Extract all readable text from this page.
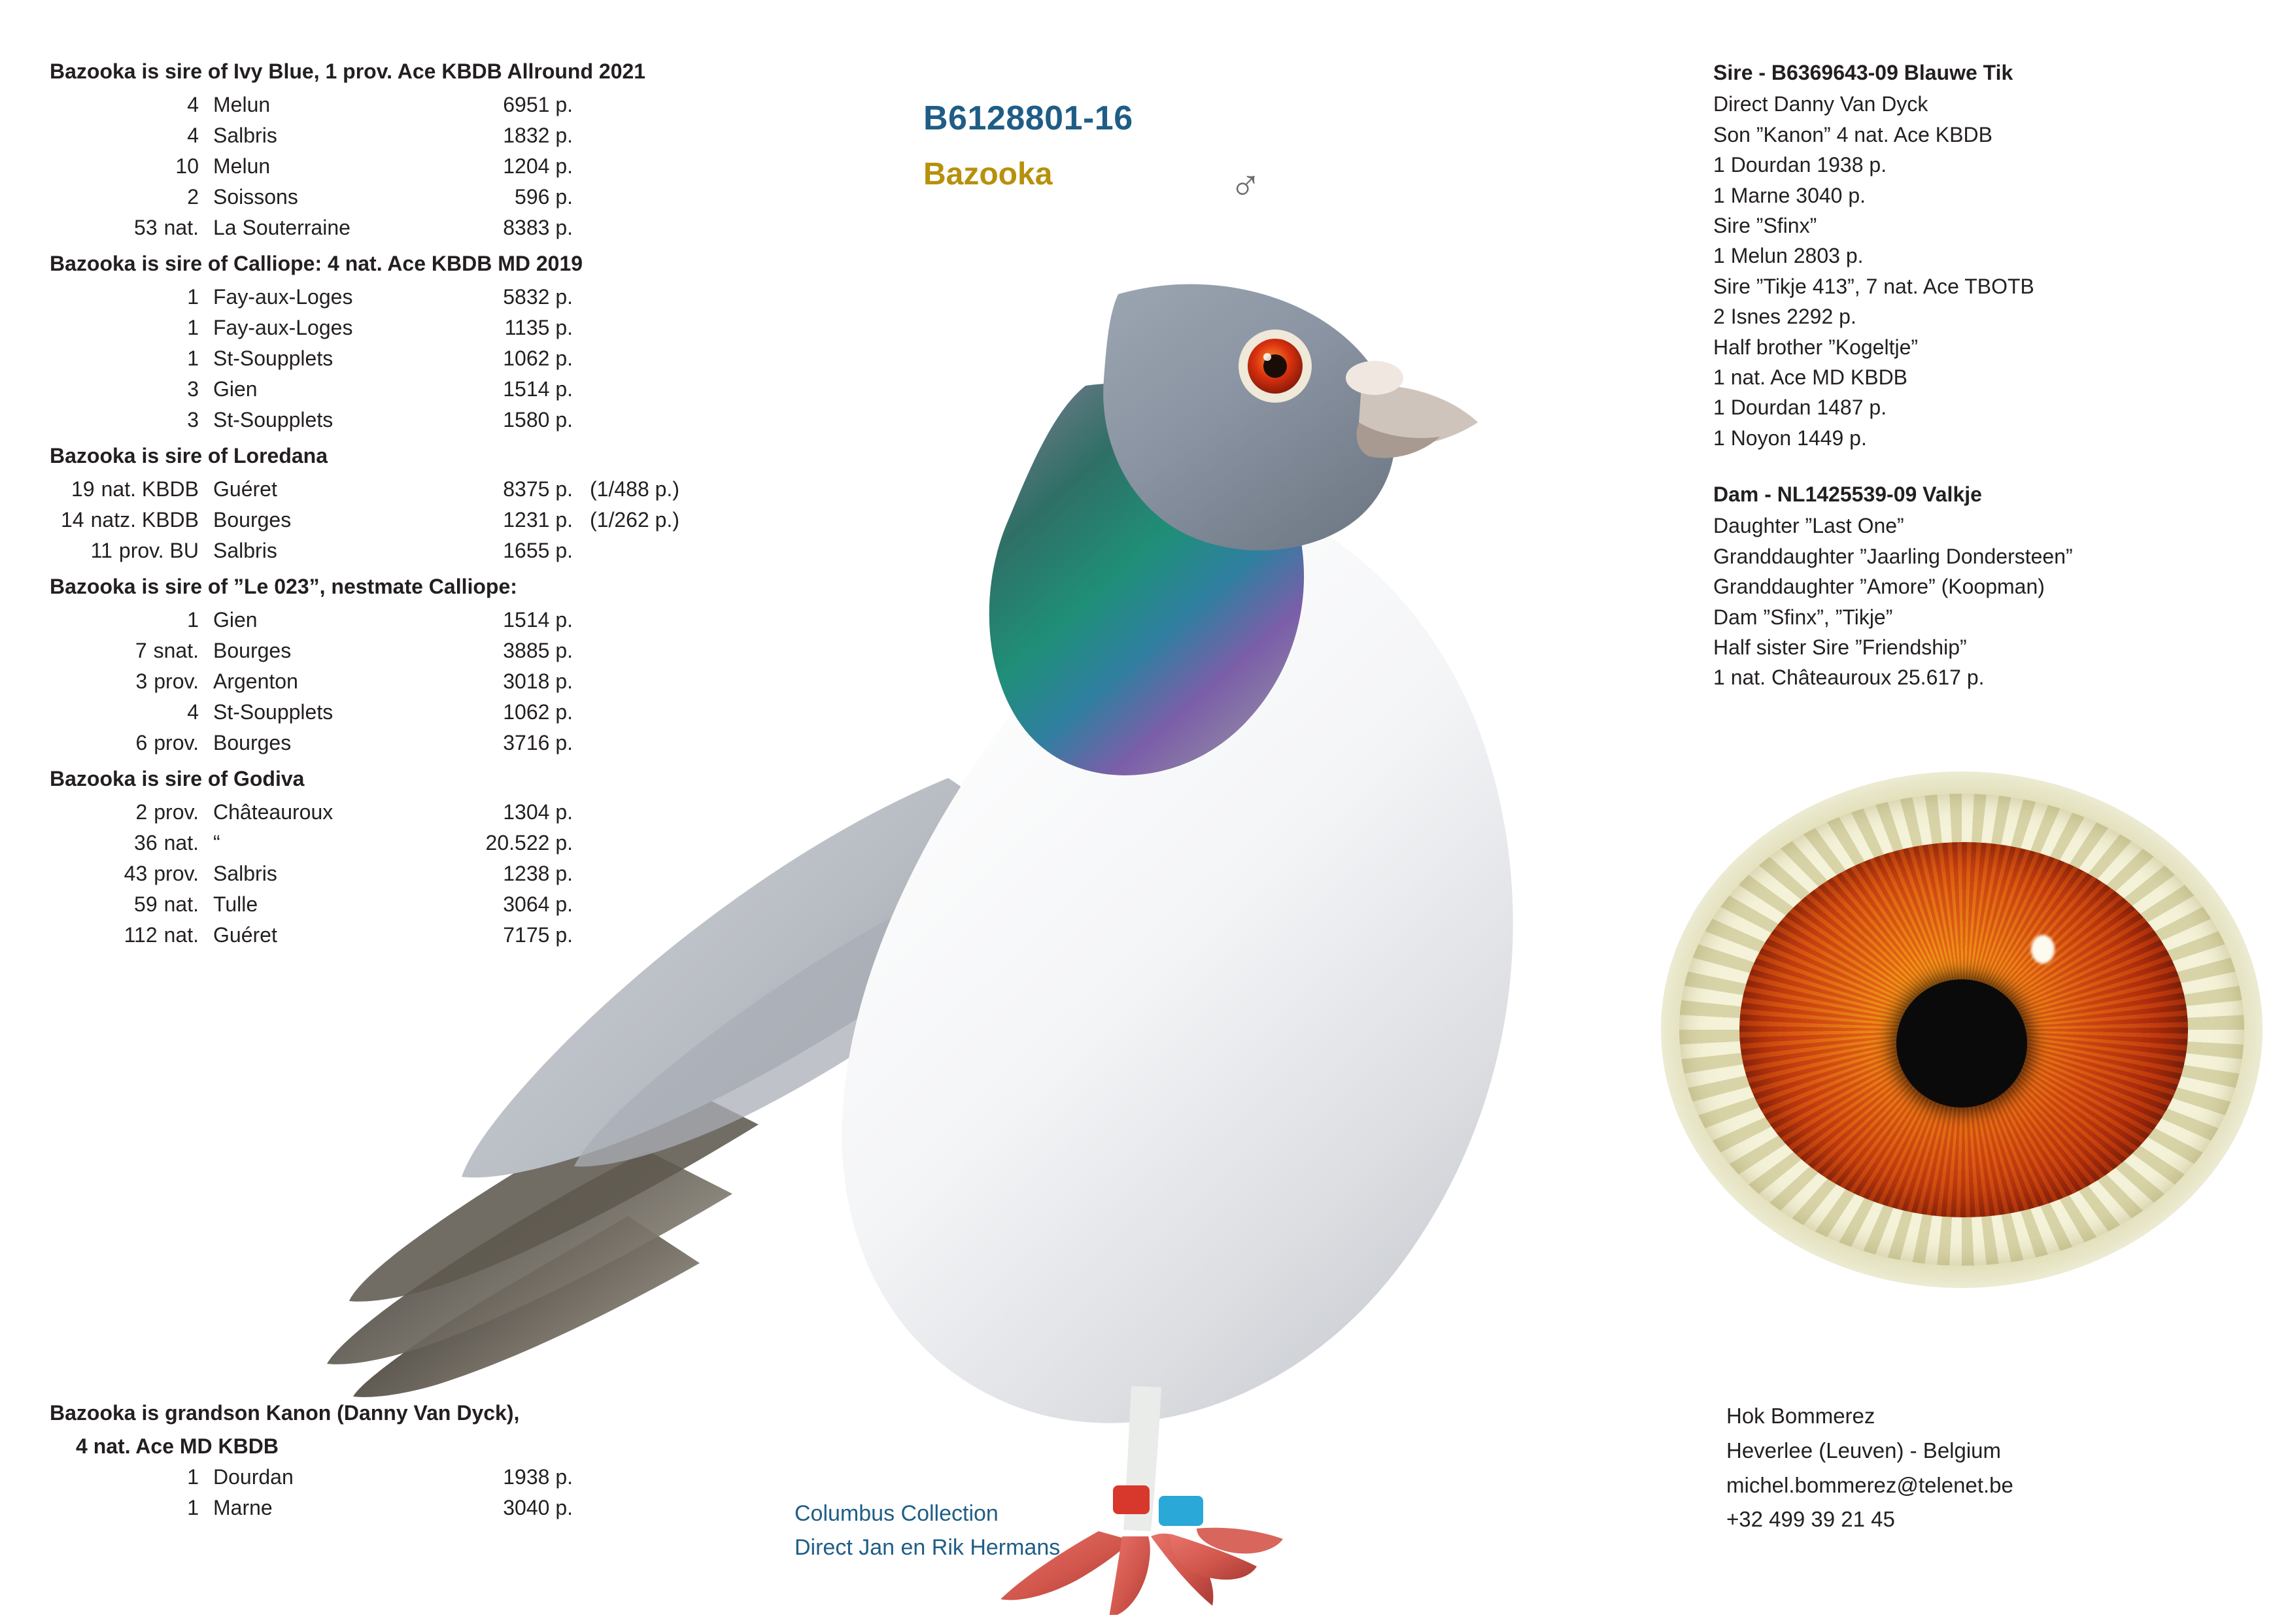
Bazooka is sire of Ivy Blue, 1 prov. Ace KBDB Allround 2021
4 Melun	6951 p.
4 Salbris	1832 p.
10 Melun	1204 p.
2 Soissons	596 p.
53 nat. La Souterraine	8383 p.
Bazooka is sire of Calliope: 4 nat. Ace KBDB MD 2019
1 Fay-aux-Loges	5832 p.
1 Fay-aux-Loges	1135 p.
1 St-Soupplets	1062 p.
3 Gien	1514 p.
3 St-Soupplets	1580 p.
Bazooka is sire of Loredana
19 nat. KBDB Guéret	8375 p. (1/488 p.)
14 natz. KBDB Bourges	1231 p. (1/262 p.)
11 prov. BU Salbris	1655 p.
Bazooka is sire of ”Le 023”, nestmate Calliope:
1 Gien	1514 p.
7 snat. Bourges	3885 p.
3 prov. Argenton	3018 p.
4 St-Soupplets	1062 p.
6 prov. Bourges	3716 p.
Bazooka is sire of Godiva
2 prov. Châteauroux	1304 p.
36 nat. “	20.522 p.
43 prov. Salbris	1238 p.
59 nat. Tulle	3064 p.
112 nat. Guéret	7175 p.
Bazooka is grandson Kanon (Danny Van Dyck),
4 nat. Ace MD KBDB
1 Dourdan	1938 p.
1 Marne	3040 p.
B6128801-16
Bazooka	♂
Sire - B6369643-09 Blauwe Tik
Direct Danny Van Dyck
Son ”Kanon” 4 nat. Ace KBDB
1 Dourdan 1938 p.
1 Marne 3040 p.
Sire ”Sfinx”
1 Melun 2803 p.
Sire ”Tikje 413”, 7 nat. Ace TBOTB
2 Isnes 2292 p.
Half brother ”Kogeltje”
1 nat. Ace MD KBDB
1 Dourdan 1487 p.
1 Noyon 1449 p.
Dam - NL1425539-09 Valkje
Daughter ”Last One”
Granddaughter ”Jaarling Dondersteen”
Granddaughter ”Amore” (Koopman)
Dam ”Sfinx”, ”Tikje”
Half sister Sire ”Friendship”
1 nat. Châteauroux 25.617 p.
Columbus Collection
Direct Jan en Rik Hermans
Hok Bommerez
Heverlee (Leuven) - Belgium
michel.bommerez@telenet.be
+32 499 39 21 45
